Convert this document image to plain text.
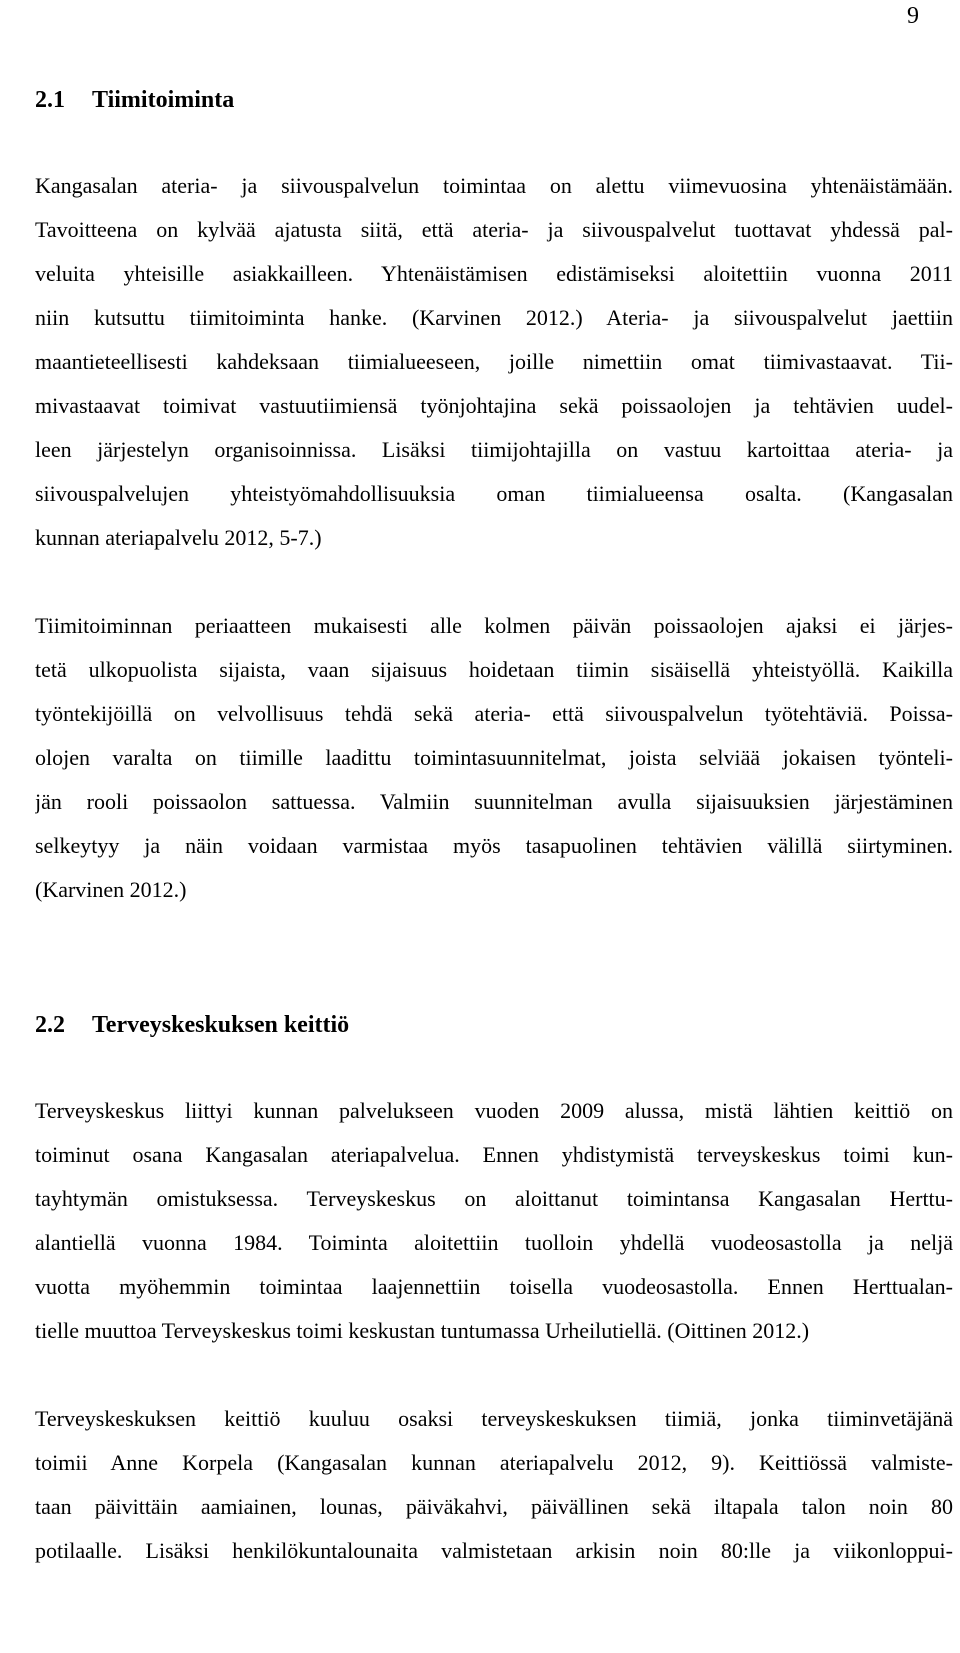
9
2.1 Tiimitoiminta
Kangasalan ateria- ja siivouspalvelun toimintaa on alettu viimevuosina yhtenäistämään.
Tavoitteena on kylvää ajatusta siitä, että ateria- ja siivouspalvelut tuottavat yhdessä pal-
veluita yhteisille asiakkailleen. Yhtenäistämisen edistämiseksi aloitettiin vuonna 2011
niin kutsuttu tiimitoiminta hanke. (Karvinen 2012.) Ateria- ja siivouspalvelut jaettiin
maantieteellisesti kahdeksaan tiimialueeseen, joille nimettiin omat tiimivastaavat. Tii-
mivastaavat toimivat vastuutiimiensä työnjohtajina sekä poissaolojen ja tehtävien uudel-
leen järjestelyn organisoinnissa. Lisäksi tiimijohtajilla on vastuu kartoittaa ateria- ja
siivouspalvelujen yhteistyömahdollisuuksia oman tiimialueensa osalta. (Kangasalan
kunnan ateriapalvelu 2012, 5-7.)
Tiimitoiminnan periaatteen mukaisesti alle kolmen päivän poissaolojen ajaksi ei järjes-
tetä ulkopuolista sijaista, vaan sijaisuus hoidetaan tiimin sisäisellä yhteistyöllä. Kaikilla
työntekijöillä on velvollisuus tehdä sekä ateria- että siivouspalvelun työtehtäviä. Poissa-
olojen varalta on tiimille laadittu toimintasuunnitelmat, joista selviää jokaisen työnteli-
jän rooli poissaolon sattuessa. Valmiin suunnitelman avulla sijaisuuksien järjestäminen
selkeytyy ja näin voidaan varmistaa myös tasapuolinen tehtävien välillä siirtyminen.
(Karvinen 2012.)
2.2 Terveyskeskuksen keittiö
Terveyskeskus liittyi kunnan palvelukseen vuoden 2009 alussa, mistä lähtien keittiö on
toiminut osana Kangasalan ateriapalvelua. Ennen yhdistymistä terveyskeskus toimi kun-
tayhtymän omistuksessa. Terveyskeskus on aloittanut toimintansa Kangasalan Herttu-
alantiellä vuonna 1984. Toiminta aloitettiin tuolloin yhdellä vuodeosastolla ja neljä
vuotta myöhemmin toimintaa laajennettiin toisella vuodeosastolla. Ennen Herttualan-
tielle muuttoa Terveyskeskus toimi keskustan tuntumassa Urheilutiellä. (Oittinen 2012.)
Terveyskeskuksen keittiö kuuluu osaksi terveyskeskuksen tiimiä, jonka tiiminvetäjänä
toimii Anne Korpela (Kangasalan kunnan ateriapalvelu 2012, 9). Keittiössä valmiste-
taan päivittäin aamiainen, lounas, päiväkahvi, päivällinen sekä iltapala talon noin 80
potilaalle. Lisäksi henkilökuntalounaita valmistetaan arkisin noin 80:lle ja viikonloppui-
